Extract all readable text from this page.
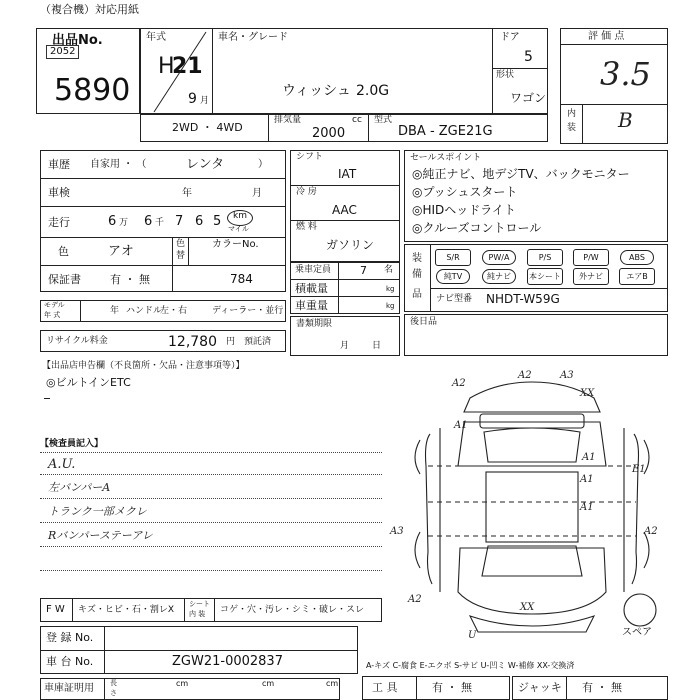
（複合機）対応用紙
出品No.
2052
5890
年式
H
21
9 月
車名・グレード
ウィッシュ 2.0G
ドア
5
形状
ワゴン
2WD ・ 4WD
排気量	cc
2000
型式
DBA - ZGE21G
評 価 点
3.5
内
装 B
車歴 自家用 ・ （	レンタ	）
車検	年	月
走行	6 万 6 千 7 6 5 km
マイル
色	アオ	色
替
カラーNo.
784
保証書	有 ・ 無
モデル
年 式	年 ハンドル
左・右	ディーラー・並行
リサイクル料金	12,780 円 預託済
シフト
IAT
冷 房
AAC
燃 料
ガソリン
乗車定員	7 名
積載量	kg
車重量	kg
書類期限
月	日
セールスポイント
◎純正ナビ、地デジTV、バックモニター
◎プッシュスタート
◎HIDヘッドライト
◎クルーズコントロール
装
備
品
S/R	PW/A	P/S	P/W	ABS
純TV	純ナビ	本シート	外ナビ	エアB
ナビ型番 NHDT-W59G
後日品
【出品店申告欄（不良箇所・欠品・注意事項等）】
◎ビルトインETC
【検査員記入】
A.U.
左バンパーA
トランク一部メクレ
Rバンパーステーアレ
F W キズ・ヒビ・石・割レX
シート
内 装 コゲ・穴・汚レ・シミ・破レ・スレ
登 録 No.
車 台 No.	ZGW21-0002837
車庫証明用 長
さ
cm	cm	cm
A2	A3
A2
XX
A1
A1
E1
A1
A3
A1
A2
A2
XX
U	スペア
A-キズ C-腐食 E-エクボ S-サビ U-凹ミ W-補修 XX-交換済
工 具	有 ・ 無	ジャッキ 有 ・ 無
